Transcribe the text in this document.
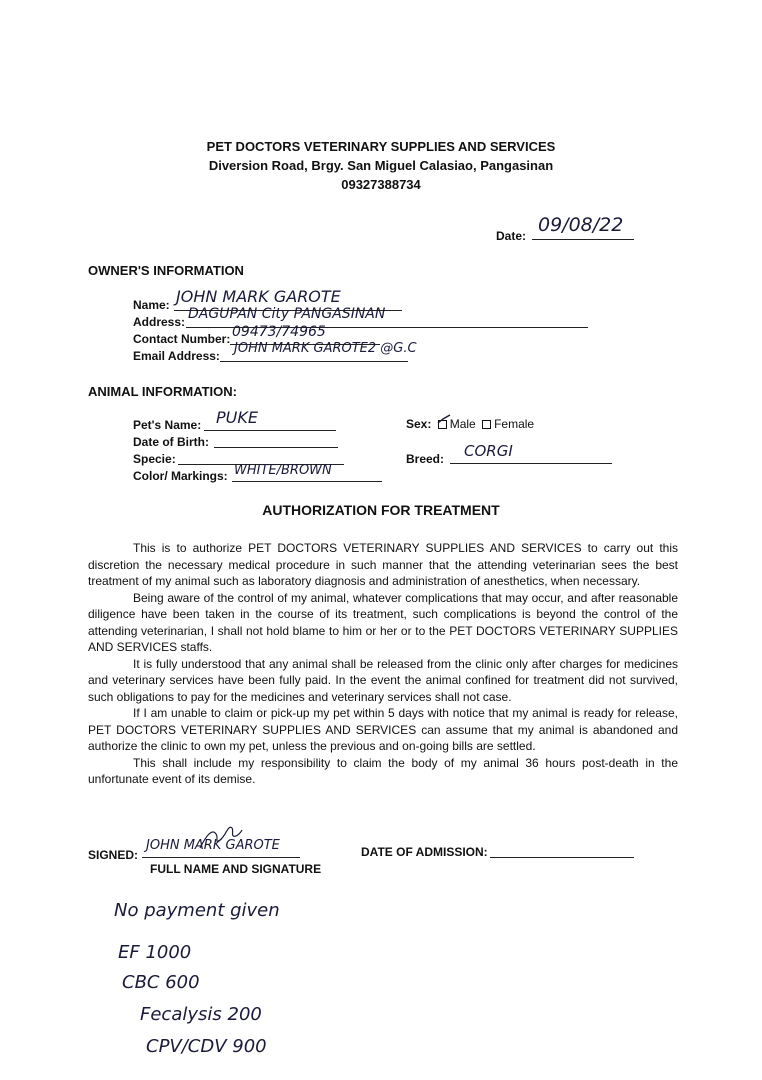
PET DOCTORS VETERINARY SUPPLIES AND SERVICES
Diversion Road, Brgy. San Miguel Calasiao, Pangasinan
09327388734
Date: 09/08/22
OWNER'S INFORMATION
Name: JOHN MARK GAROTE
Address: DAGUPAN City PANGASINAN
Contact Number: 09473/74965
Email Address: JOHN MARK GAROTE2 @G.C
ANIMAL INFORMATION:
Pet's Name: PUKE
Date of Birth:
Specie:
Color/ Markings: WHITE/BROWN
Sex: Male Female
Breed: CORGI
AUTHORIZATION FOR TREATMENT

This is to authorize PET DOCTORS VETERINARY SUPPLIES AND SERVICES to carry out this discretion the necessary medical procedure in such manner that the attending veterinarian sees the best treatment of my animal such as laboratory diagnosis and administration of anesthetics, when necessary.

Being aware of the control of my animal, whatever complications that may occur, and after reasonable diligence have been taken in the course of its treatment, such complications is beyond the control of the attending veterinarian, I shall not hold blame to him or her or to the PET DOCTORS VETERINARY SUPPLIES AND SERVICES staffs.

It is fully understood that any animal shall be released from the clinic only after charges for medicines and veterinary services have been fully paid. In the event the animal confined for treatment did not survived, such obligations to pay for the medicines and veterinary services shall not case.

If I am unable to claim or pick-up my pet within 5 days with notice that my animal is ready for release, PET DOCTORS VETERINARY SUPPLIES AND SERVICES can assume that my animal is abandoned and authorize the clinic to own my pet, unless the previous and on-going bills are settled.

This shall include my responsibility to claim the body of my animal 36 hours post-death in the unfortunate event of its demise.

SIGNED:
JOHN MARK GAROTE
FULL NAME AND SIGNATURE
DATE OF ADMISSION:
No payment given
EF 1000
CBC 600
Fecalysis 200
CPV/CDV 900
